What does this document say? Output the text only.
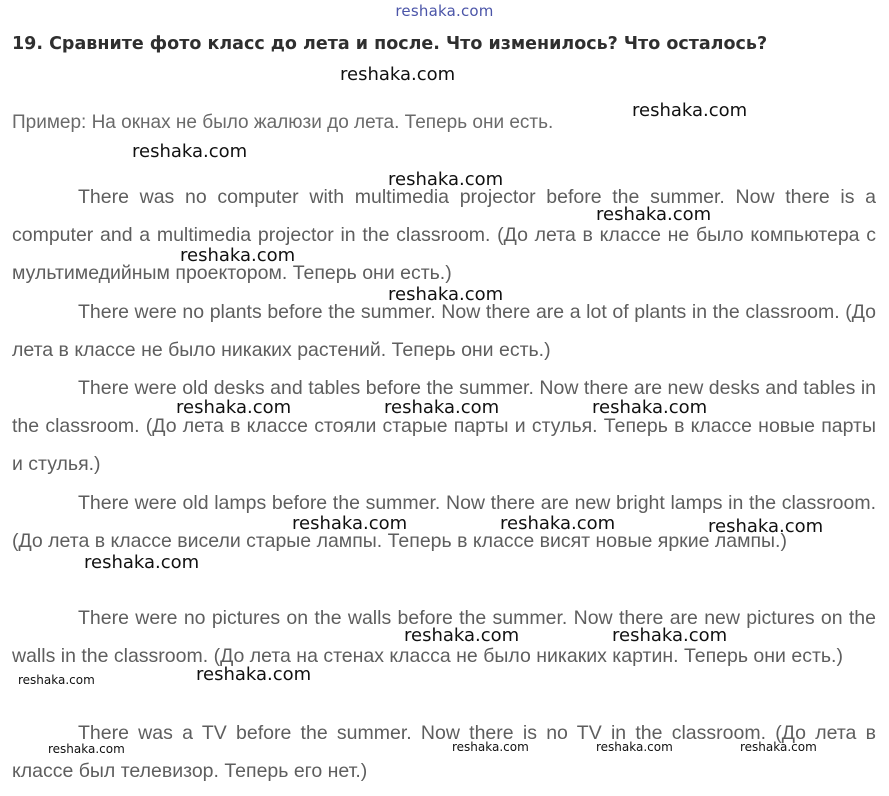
reshaka.com
19. Сравните фото класс до лета и после. Что изменилось? Что осталось?
Пример: На окнах не было жалюзи до лета. Теперь они есть.
There was no computer with multimedia projector before the summer. Now there is a computer and a multimedia projector in the classroom. (До лета в классе не было компьютера с мультимедийным проектором. Теперь они есть.)
There were no plants before the summer. Now there are a lot of plants in the classroom. (До лета в классе не было никаких растений. Теперь они есть.)
There were old desks and tables before the summer. Now there are new desks and tables in the classroom. (До лета в классе стояли старые парты и стулья. Теперь в классе новые парты и стулья.)
There were old lamps before the summer. Now there are new bright lamps in the classroom. (До лета в классе висели старые лампы. Теперь в классе висят новые яркие лампы.)
There were no pictures on the walls before the summer. Now there are new pictures on the walls in the classroom. (До лета на стенах класса не было никаких картин. Теперь они есть.)
There was a TV before the summer. Now there is no TV in the classroom. (До лета в классе был телевизор. Теперь его нет.)
reshaka.com
reshaka.com
reshaka.com
reshaka.com
reshaka.com
reshaka.com
reshaka.com
reshaka.com	reshaka.com	reshaka.com
reshaka.com	reshaka.com	reshaka.com
reshaka.com
reshaka.com	reshaka.com
reshaka.com
reshaka.com
reshaka.com	reshaka.com	reshaka.com	reshaka.com
